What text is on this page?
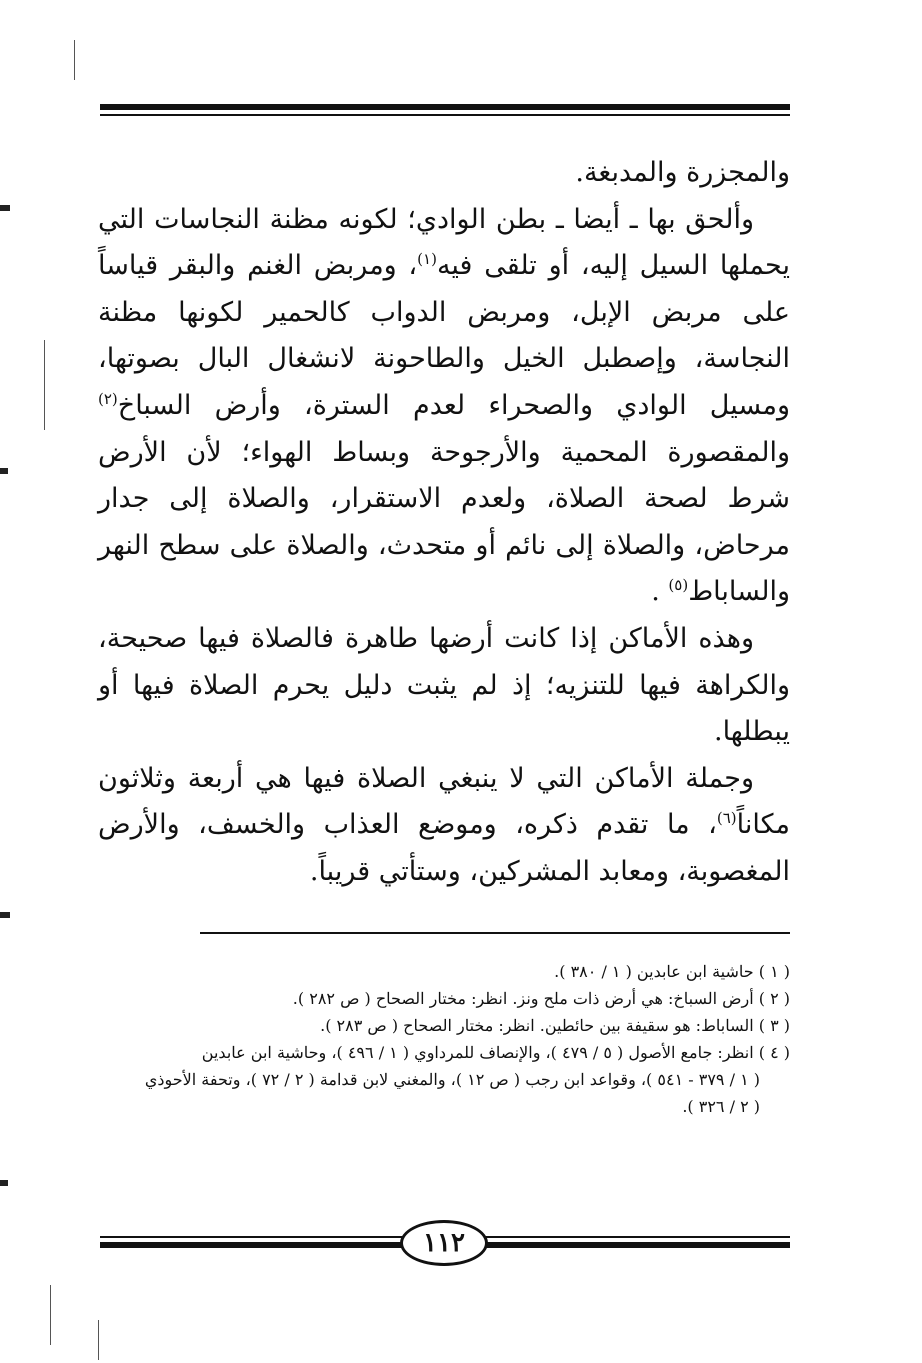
والمجزرة والمدبغة.

وألحق بها ـ أيضا ـ بطن الوادي؛ لكونه مظنة النجاسات التي يحملها السيل إليه، أو تلقى فيه$^{(١)}$، ومربض الغنم والبقر قياساً على مربض الإبل، ومربض الدواب كالحمير لكونها مظنة النجاسة، وإصطبل الخيل والطاحونة لانشغال البال بصوتها، ومسيل الوادي والصحراء لعدم السترة، وأرض السباخ$^{(٢)}$ والمقصورة المحمية والأرجوحة وبساط الهواء؛ لأن الأرض شرط لصحة الصلاة، ولعدم الاستقرار، والصلاة إلى جدار مرحاض، والصلاة إلى نائم أو متحدث، والصلاة على سطح النهر والساباط$^{(٥)}$ .

وهذه الأماكن إذا كانت أرضها طاهرة فالصلاة فيها صحيحة، والكراهة فيها للتنزيه؛ إذ لم يثبت دليل يحرم الصلاة فيها أو يبطلها.

وجملة الأماكن التي لا ينبغي الصلاة فيها هي أربعة وثلاثون مكاناً$^{(٦)}$، ما تقدم ذكره، وموضع العذاب والخسف، والأرض المغصوبة، ومعابد المشركين، وستأتي قريباً.

( ١ ) حاشية ابن عابدين ( ١ / ٣٨٠ ).

( ٢ ) أرض السباخ: هي أرض ذات ملح ونز. انظر: مختار الصحاح ( ص ٢٨٢ ).

( ٣ ) الساباط: هو سقيفة بين حائطين. انظر: مختار الصحاح ( ص ٢٨٣ ).

( ٤ ) انظر: جامع الأصول ( ٥ / ٤٧٩ )، والإنصاف للمرداوي ( ١ / ٤٩٦ )، وحاشية ابن عابدين

( ١ / ٣٧٩ - ٥٤١ )، وقواعد ابن رجب ( ص ١٢ )، والمغني لابن قدامة ( ٢ / ٧٢ )، وتحفة الأحوذي

( ٢ / ٣٢٦ ).

١١٢
